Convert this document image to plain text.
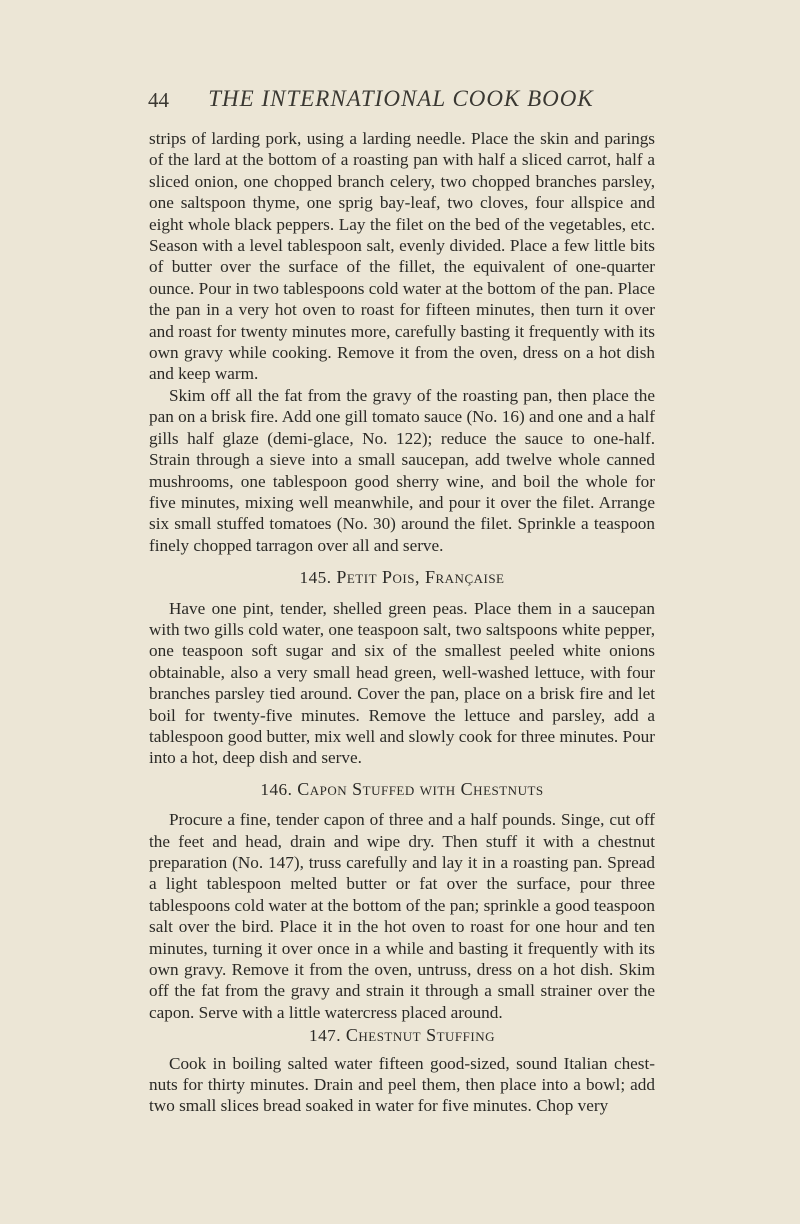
44	THE INTERNATIONAL COOK BOOK

strips of larding pork, using a larding needle. Place the skin and parings of the lard at the bottom of a roasting pan with half a sliced carrot, half a sliced onion, one chopped branch celery, two chopped branches parsley, one saltspoon thyme, one sprig bay-leaf, two cloves, four allspice and eight whole black peppers. Lay the filet on the bed of the vegetables, etc. Season with a level tablespoon salt, evenly divided. Place a few little bits of butter over the surface of the fillet, the equivalent of one-quarter ounce. Pour in two tablespoons cold water at the bottom of the pan. Place the pan in a very hot oven to roast for fifteen minutes, then turn it over and roast for twenty minutes more, carefully basting it frequently with its own gravy while cooking. Remove it from the oven, dress on a hot dish and keep warm.

Skim off all the fat from the gravy of the roasting pan, then place the pan on a brisk fire. Add one gill tomato sauce (No. 16) and one and a half gills half glaze (demi-glace, No. 122); reduce the sauce to one-half. Strain through a sieve into a small saucepan, add twelve whole canned mushrooms, one tablespoon good sherry wine, and boil the whole for five minutes, mixing well meanwhile, and pour it over the filet. Arrange six small stuffed tomatoes (No. 30) around the filet. Sprinkle a teaspoon finely chopped tarragon over all and serve.

145. Petit Pois, Française

Have one pint, tender, shelled green peas. Place them in a saucepan with two gills cold water, one teaspoon salt, two saltspoons white pepper, one teaspoon soft sugar and six of the smallest peeled white onions obtainable, also a very small head green, well-washed lettuce, with four branches parsley tied around. Cover the pan, place on a brisk fire and let boil for twenty-five minutes. Remove the lettuce and parsley, add a tablespoon good butter, mix well and slowly cook for three minutes. Pour into a hot, deep dish and serve.

146. Capon Stuffed with Chestnuts

Procure a fine, tender capon of three and a half pounds. Singe, cut off the feet and head, drain and wipe dry. Then stuff it with a chestnut preparation (No. 147), truss carefully and lay it in a roasting pan. Spread a light tablespoon melted butter or fat over the surface, pour three tablespoons cold water at the bottom of the pan; sprinkle a good teaspoon salt over the bird. Place it in the hot oven to roast for one hour and ten minutes, turning it over once in a while and basting it frequently with its own gravy. Remove it from the oven, untruss, dress on a hot dish. Skim off the fat from the gravy and strain it through a small strainer over the capon. Serve with a little watercress placed around.

147. Chestnut Stuffing

Cook in boiling salted water fifteen good-sized, sound Italian chestnuts for thirty minutes. Drain and peel them, then place into a bowl; add two small slices bread soaked in water for five minutes. Chop very
